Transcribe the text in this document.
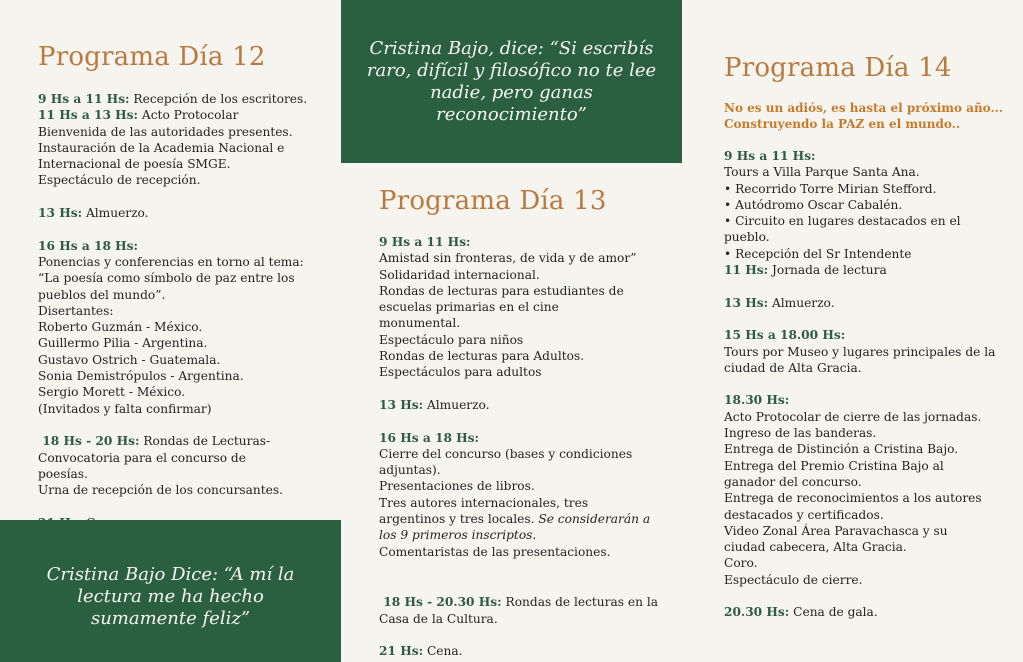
Programa Día 12
9 Hs a 11 Hs: Recepción de los escritores.
11 Hs a 13 Hs: Acto Protocolar
Bienvenida de las autoridades presentes.
Instauración de la Academia Nacional e
Internacional de poesía SMGE.
Espectáculo de recepción.
13 Hs: Almuerzo.
16 Hs a 18 Hs:
Ponencias y conferencias en torno al tema:
“La poesía como símbolo de paz entre los
pueblos del mundo”.
Disertantes:
Roberto Guzmán - México.
Guillermo Pilia - Argentina.
Gustavo Ostrich - Guatemala.
Sonia Demistrópulos - Argentina.
Sergio Morett - México.
(Invitados y falta confirmar)
18 Hs - 20 Hs: Rondas de Lecturas-
Convocatoria para el concurso de
poesías.
Urna de recepción de los concursantes.
Cristina Bajo Dice: “A mí la
lectura me ha hecho
sumamente feliz”
Cristina Bajo, dice: “Si escribís
raro, difícil y filosófico no te lee
nadie, pero ganas
reconocimiento”
Programa Día 13
9 Hs a 11 Hs:
Amistad sin fronteras, de vida y de amor”
Solidaridad internacional.
Rondas de lecturas para estudiantes de
escuelas primarias en el cine
monumental.
Espectáculo para niños
Rondas de lecturas para Adultos.
Espectáculos para adultos
13 Hs: Almuerzo.
16 Hs a 18 Hs:
Cierre del concurso (bases y condiciones
adjuntas).
Presentaciones de libros.
Tres autores internacionales, tres
argentinos y tres locales. Se considerarán a
los 9 primeros inscriptos.
Comentaristas de las presentaciones.
18 Hs - 20.30 Hs: Rondas de lecturas en la
Casa de la Cultura.
21 Hs: Cena.
Programa Día 14
No es un adiós, es hasta el próximo año...
Construyendo la PAZ en el mundo..
9 Hs a 11 Hs:
Tours a Villa Parque Santa Ana.
• Recorrido Torre Mirian Stefford.
• Autódromo Oscar Cabalén.
• Circuito en lugares destacados en el
pueblo.
• Recepción del Sr Intendente
11 Hs: Jornada de lectura
13 Hs: Almuerzo.
15 Hs a 18.00 Hs:
Tours por Museo y lugares principales de la
ciudad de Alta Gracia.
18.30 Hs:
Acto Protocolar de cierre de las jornadas.
Ingreso de las banderas.
Entrega de Distinción a Cristina Bajo.
Entrega del Premio Cristina Bajo al
ganador del concurso.
Entrega de reconocimientos a los autores
destacados y certificados.
Video Zonal Área Paravachasca y su
ciudad cabecera, Alta Gracia.
Coro.
Espectáculo de cierre.
20.30 Hs: Cena de gala.
